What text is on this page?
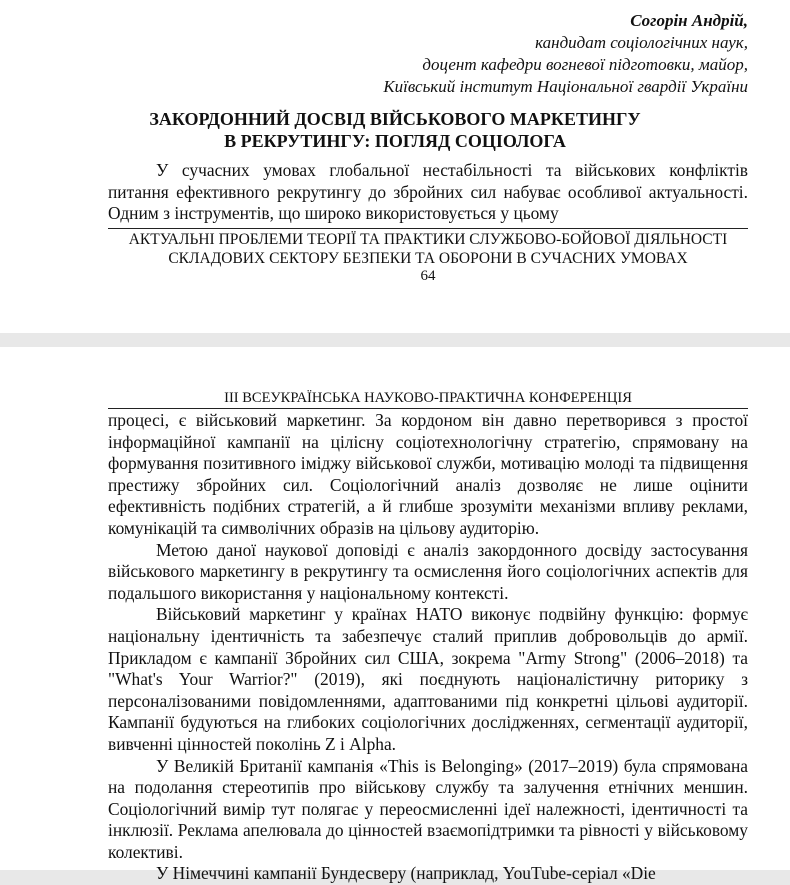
Согорін Андрій,
кандидат соціологічних наук,
доцент кафедри вогневої підготовки, майор,
Київський інститут Національної гвардії України
ЗАКОРДОННИЙ ДОСВІД ВІЙСЬКОВОГО МАРКЕТИНГУ
В РЕКРУТИНГУ: ПОГЛЯД СОЦІОЛОГА

У сучасних умовах глобальної нестабільності та військових конфліктів питання ефективного рекрутингу до збройних сил набуває особливої актуальності. Одним з інструментів, що широко використовується у цьому

АКТУАЛЬНІ ПРОБЛЕМИ ТЕОРІЇ ТА ПРАКТИКИ СЛУЖБОВО-БОЙОВОЇ ДІЯЛЬНОСТІ
СКЛАДОВИХ СЕКТОРУ БЕЗПЕКИ ТА ОБОРОНИ В СУЧАСНИХ УМОВАХ
64
ІІІ ВСЕУКРАЇНСЬКА НАУКОВО-ПРАКТИЧНА КОНФЕРЕНЦІЯ

процесі, є військовий маркетинг. За кордоном він давно перетворився з простої інформаційної кампанії на цілісну соціотехнологічну стратегію, спрямовану на формування позитивного іміджу військової служби, мотивацію молоді та підвищення престижу збройних сил. Соціологічний аналіз дозволяє не лише оцінити ефективність подібних стратегій, а й глибше зрозуміти механізми впливу реклами, комунікацій та символічних образів на цільову аудиторію.

Метою даної наукової доповіді є аналіз закордонного досвіду застосування військового маркетингу в рекрутингу та осмислення його соціологічних аспектів для подальшого використання у національному контексті.

Військовий маркетинг у країнах НАТО виконує подвійну функцію: формує національну ідентичність та забезпечує сталий приплив добровольців до армії. Прикладом є кампанії Збройних сил США, зокрема "Army Strong" (2006–2018) та "What's Your Warrior?" (2019), які поєднують націоналістичну риторику з персоналізованими повідомленнями, адаптованими під конкретні цільові аудиторії. Кампанії будуються на глибоких соціологічних дослідженнях, сегментації аудиторії, вивченні цінностей поколінь Z і Alpha.

У Великій Британії кампанія «This is Belonging» (2017–2019) була спрямована на подолання стереотипів про військову службу та залучення етнічних меншин. Соціологічний вимір тут полягає у переосмисленні ідеї належності, ідентичності та інклюзії. Реклама апелювала до цінностей взаємопідтримки та рівності у військовому колективі.

У Німеччині кампанії Бундесверу (наприклад, YouTube-серіал «Die
